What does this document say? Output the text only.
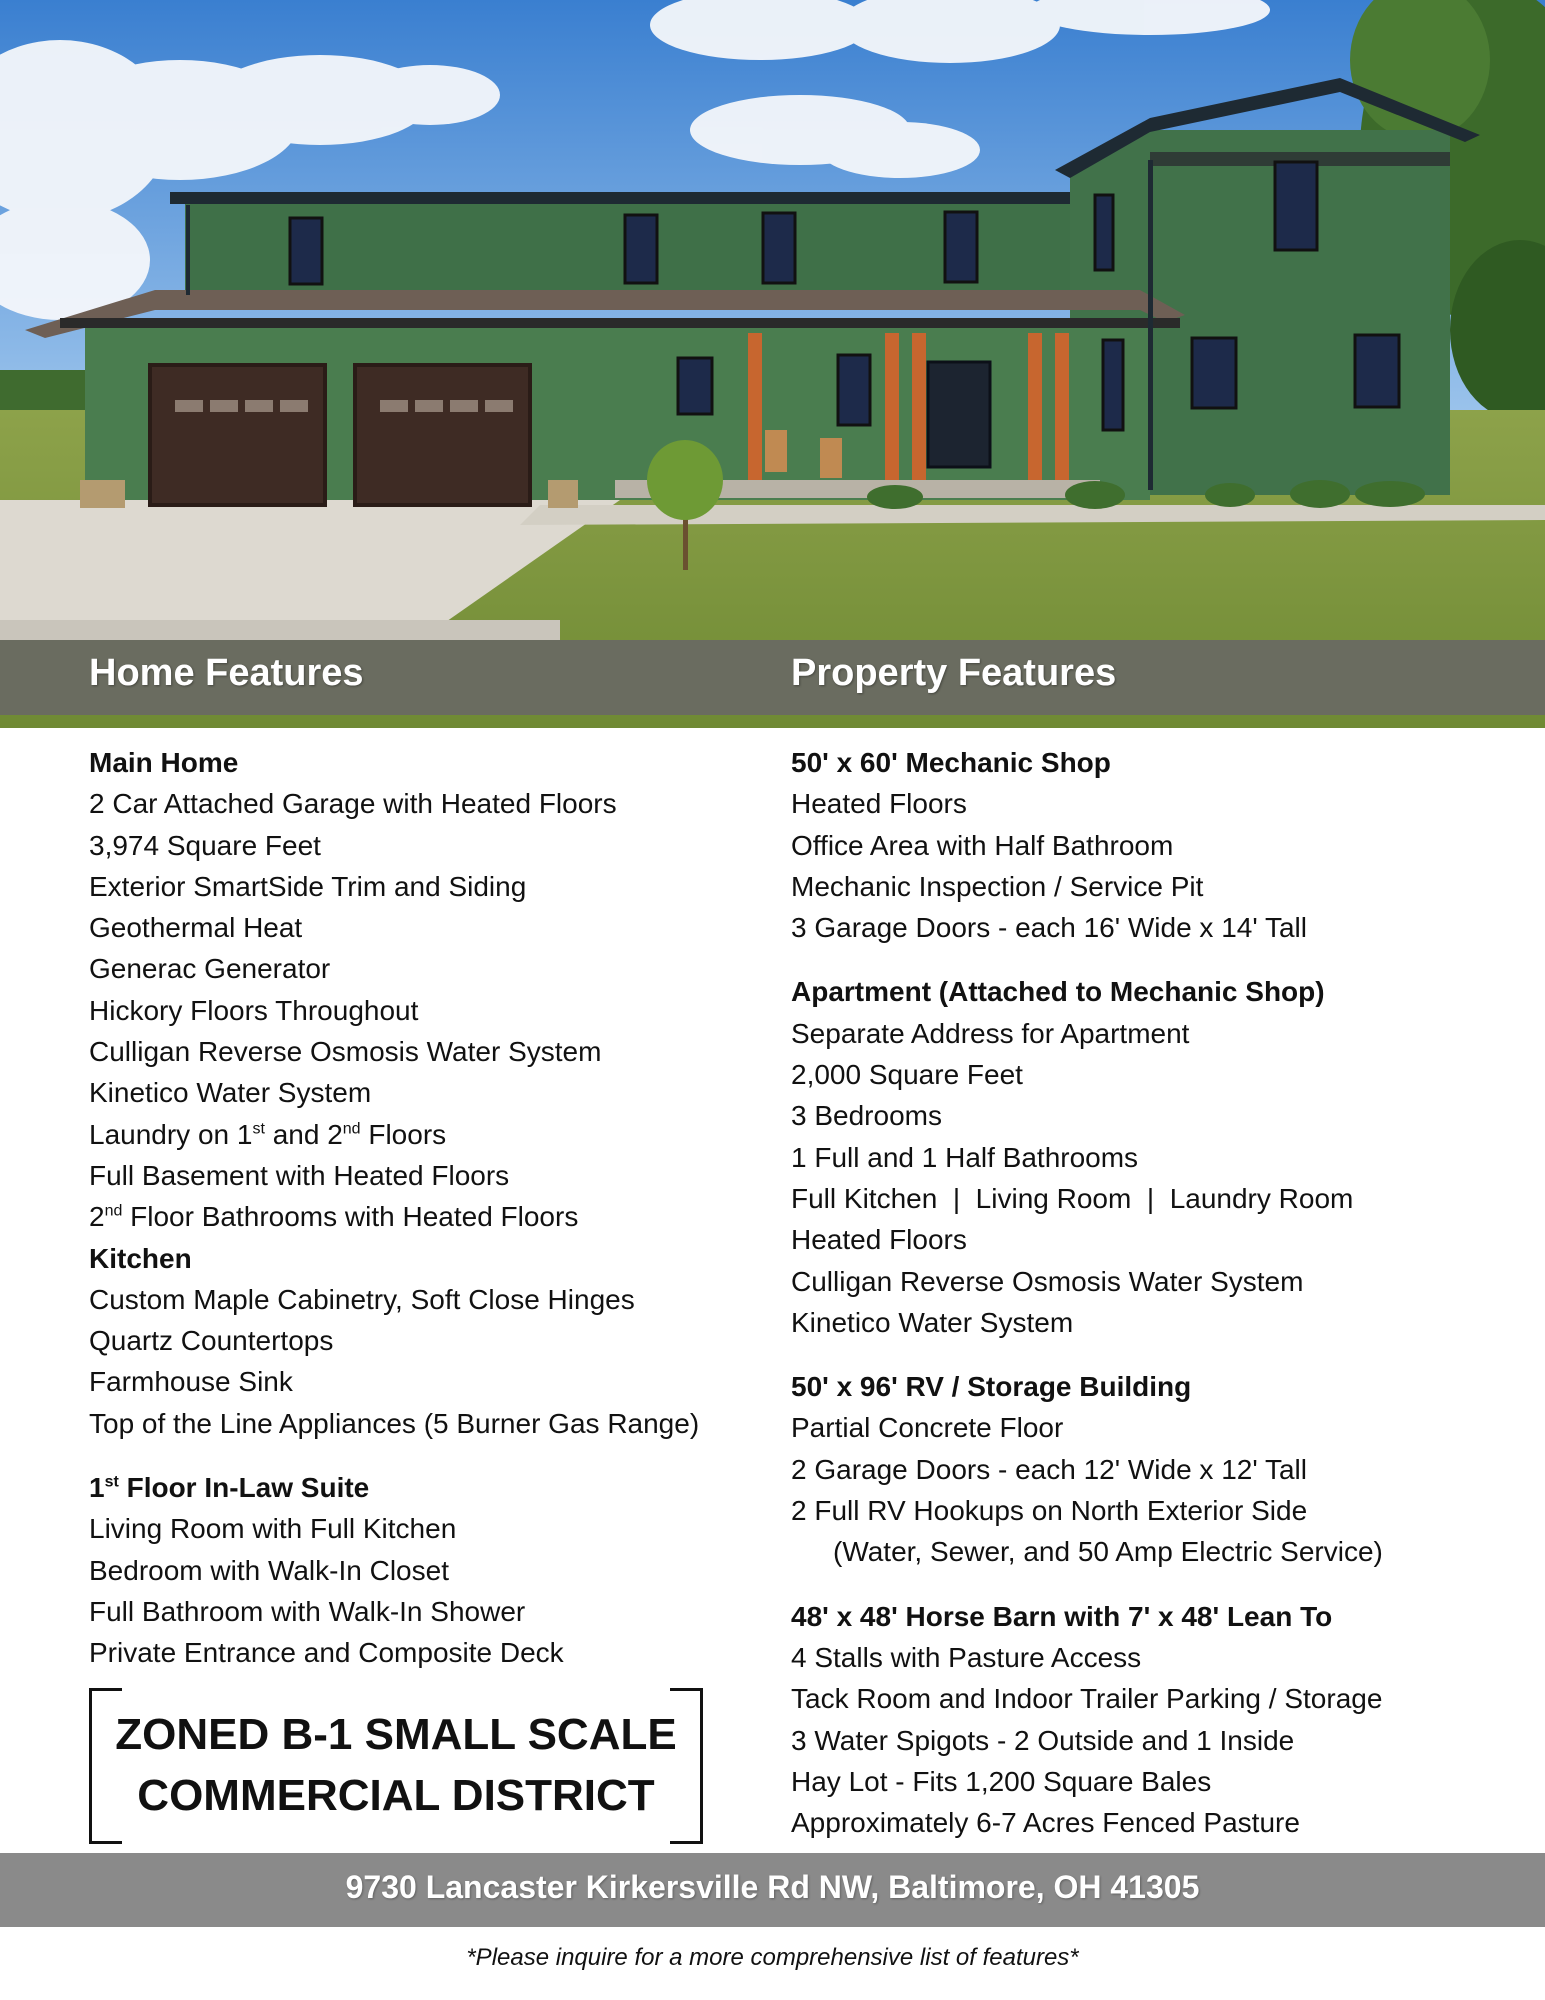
Home Features	Property Features
Main Home
2 Car Attached Garage with Heated Floors
3,974 Square Feet
Exterior SmartSide Trim and Siding
Geothermal Heat
Generac Generator
Hickory Floors Throughout
Culligan Reverse Osmosis Water System
Kinetico Water System
Laundry on 1st and 2nd Floors
Full Basement with Heated Floors
2nd Floor Bathrooms with Heated Floors
Kitchen
Custom Maple Cabinetry, Soft Close Hinges
Quartz Countertops
Farmhouse Sink
Top of the Line Appliances (5 Burner Gas Range)
1st Floor In-Law Suite
Living Room with Full Kitchen
Bedroom with Walk-In Closet
Full Bathroom with Walk-In Shower
Private Entrance and Composite Deck
ZONED B-1 SMALL SCALE
COMMERCIAL DISTRICT
50' x 60' Mechanic Shop
Heated Floors
Office Area with Half Bathroom
Mechanic Inspection / Service Pit
3 Garage Doors - each 16' Wide x 14' Tall
Apartment (Attached to Mechanic Shop)
Separate Address for Apartment
2,000 Square Feet
3 Bedrooms
1 Full and 1 Half Bathrooms
Full Kitchen  |  Living Room  |  Laundry Room
Heated Floors
Culligan Reverse Osmosis Water System
Kinetico Water System
50' x 96' RV / Storage Building
Partial Concrete Floor
2 Garage Doors - each 12' Wide x 12' Tall
2 Full RV Hookups on North Exterior Side
(Water, Sewer, and 50 Amp Electric Service)
48' x 48' Horse Barn with 7' x 48' Lean To
4 Stalls with Pasture Access
Tack Room and Indoor Trailer Parking / Storage
3 Water Spigots - 2 Outside and 1 Inside
Hay Lot - Fits 1,200 Square Bales
Approximately 6-7 Acres Fenced Pasture
9730 Lancaster Kirkersville Rd NW, Baltimore, OH 41305
*Please inquire for a more comprehensive list of features*
